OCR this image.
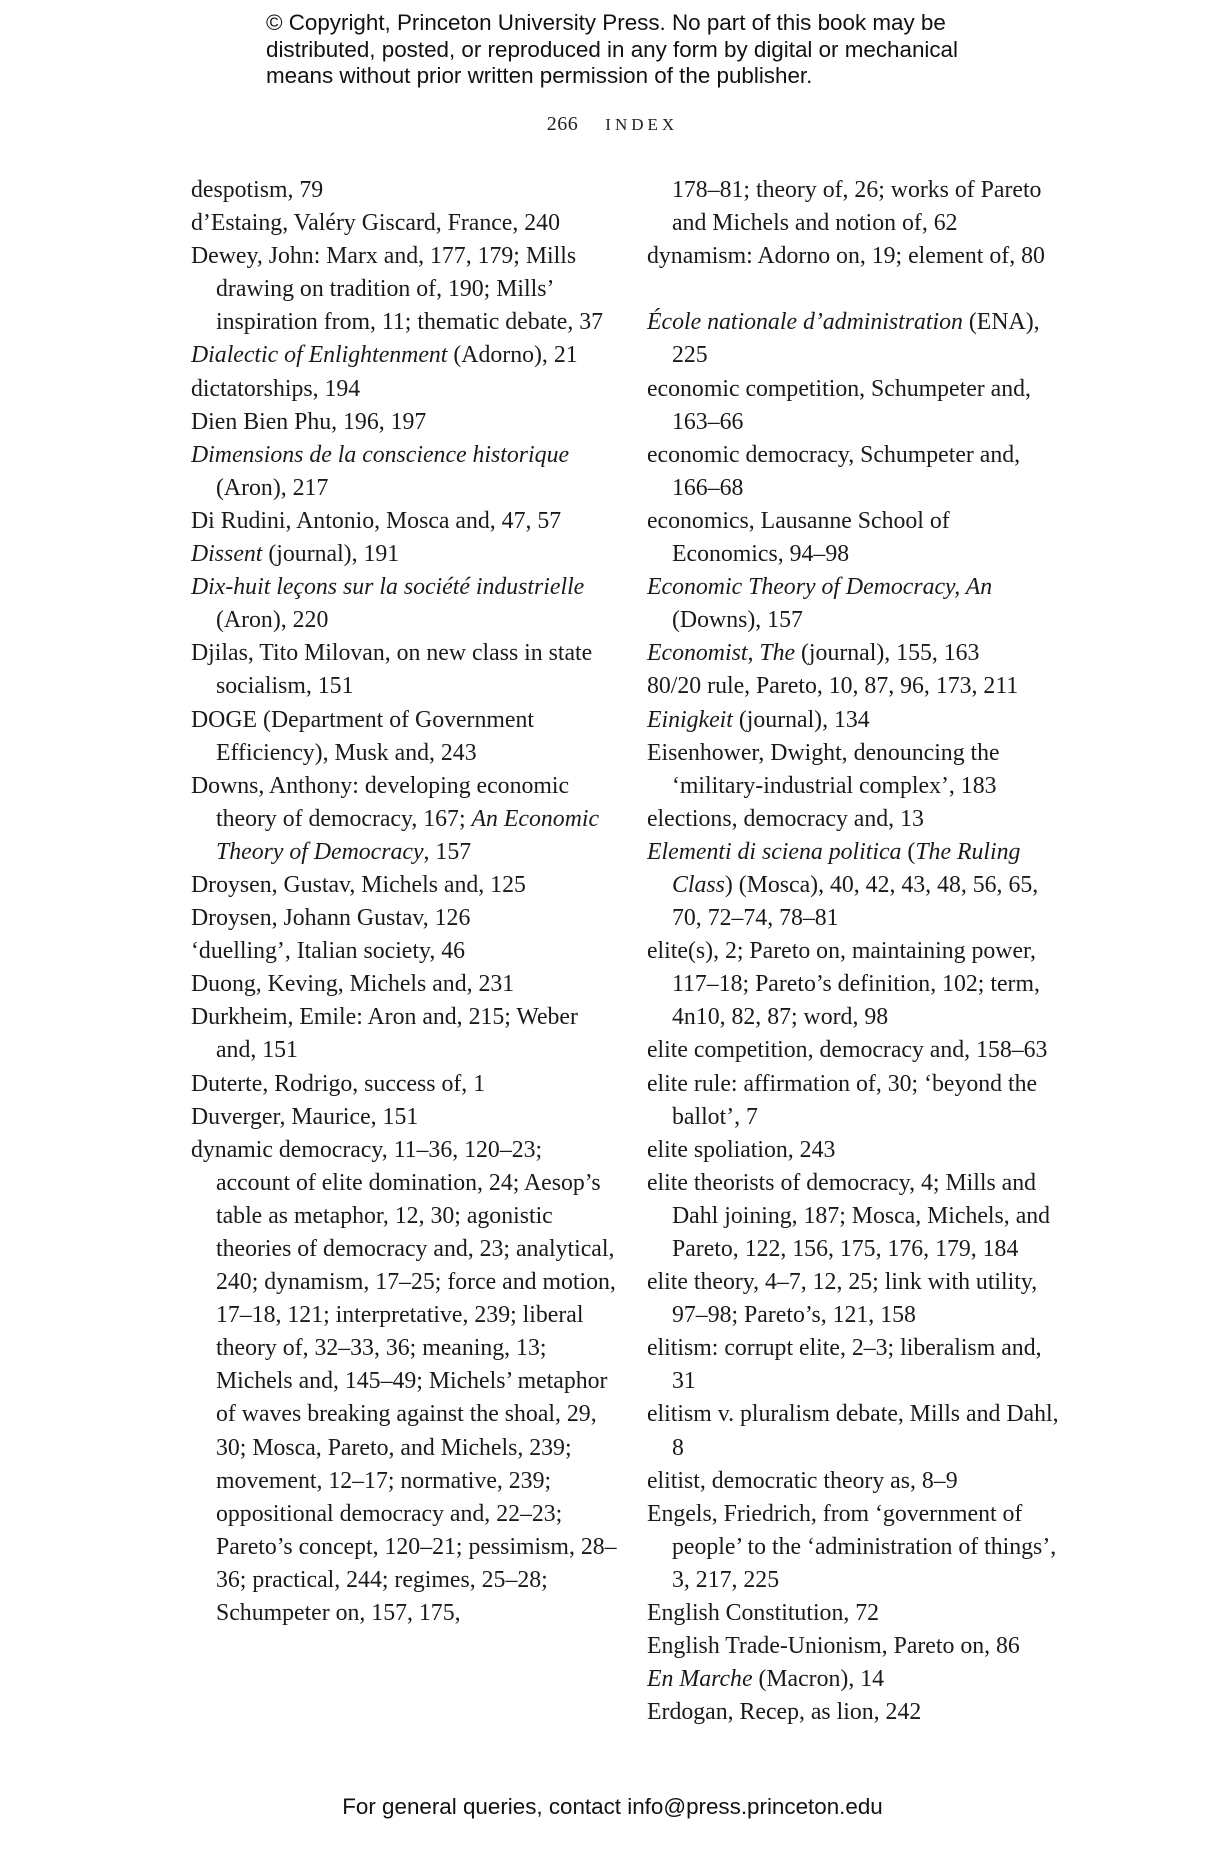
© Copyright, Princeton University Press. No part of this book may be
distributed, posted, or reproduced in any form by digital or mechanical
means without prior written permission of the publisher.
266 INDEX

despotism, 79

d’Estaing, Valéry Giscard, France, 240

Dewey, John: Marx and, 177, 179; Mills drawing on tradition of, 190; Mills’ inspiration from, 11; thematic debate, 37

Dialectic of Enlightenment (Adorno), 21

dictatorships, 194

Dien Bien Phu, 196, 197

Dimensions de la conscience historique (Aron), 217

Di Rudini, Antonio, Mosca and, 47, 57

Dissent (journal), 191

Dix-huit leçons sur la société industrielle (Aron), 220

Djilas, Tito Milovan, on new class in state socialism, 151

DOGE (Department of Government Efficiency), Musk and, 243

Downs, Anthony: developing economic theory of democracy, 167; An Economic Theory of Democracy, 157

Droysen, Gustav, Michels and, 125

Droysen, Johann Gustav, 126

‘duelling’, Italian society, 46

Duong, Keving, Michels and, 231

Durkheim, Emile: Aron and, 215; Weber and, 151

Duterte, Rodrigo, success of, 1

Duverger, Maurice, 151

dynamic democracy, 11–36, 120–23; account of elite domination, 24; Aesop’s table as metaphor, 12, 30; agonistic theories of democracy and, 23; analytical, 240; dynamism, 17–25; force and motion, 17–18, 121; interpretative, 239; liberal theory of, 32–33, 36; meaning, 13; Michels and, 145–49; Michels’ metaphor of waves breaking against the shoal, 29, 30; Mosca, Pareto, and Michels, 239; movement, 12–17; normative, 239; oppositional democracy and, 22–23; Pareto’s concept, 120–21; pessimism, 28–36; practical, 244; regimes, 25–28; Schumpeter on, 157, 175,

178–81; theory of, 26; works of Pareto and Michels and notion of, 62

dynamism: Adorno on, 19; element of, 80

École nationale d’administration (ENA), 225

economic competition, Schumpeter and, 163–66

economic democracy, Schumpeter and, 166–68

economics, Lausanne School of Economics, 94–98

Economic Theory of Democracy, An (Downs), 157

Economist, The (journal), 155, 163

80/20 rule, Pareto, 10, 87, 96, 173, 211

Einigkeit (journal), 134

Eisenhower, Dwight, denouncing the ‘military-industrial complex’, 183

elections, democracy and, 13

Elementi di sciena politica (The Ruling Class) (Mosca), 40, 42, 43, 48, 56, 65, 70, 72–74, 78–81

elite(s), 2; Pareto on, maintaining power, 117–18; Pareto’s definition, 102; term, 4n10, 82, 87; word, 98

elite competition, democracy and, 158–63

elite rule: affirmation of, 30; ‘beyond the ballot’, 7

elite spoliation, 243

elite theorists of democracy, 4; Mills and Dahl joining, 187; Mosca, Michels, and Pareto, 122, 156, 175, 176, 179, 184

elite theory, 4–7, 12, 25; link with utility, 97–98; Pareto’s, 121, 158

elitism: corrupt elite, 2–3; liberalism and, 31

elitism v. pluralism debate, Mills and Dahl, 8

elitist, democratic theory as, 8–9

Engels, Friedrich, from ‘government of people’ to the ‘administration of things’, 3, 217, 225

English Constitution, 72

English Trade-Unionism, Pareto on, 86

En Marche (Macron), 14

Erdogan, Recep, as lion, 242

For general queries, contact info@press.princeton.edu
